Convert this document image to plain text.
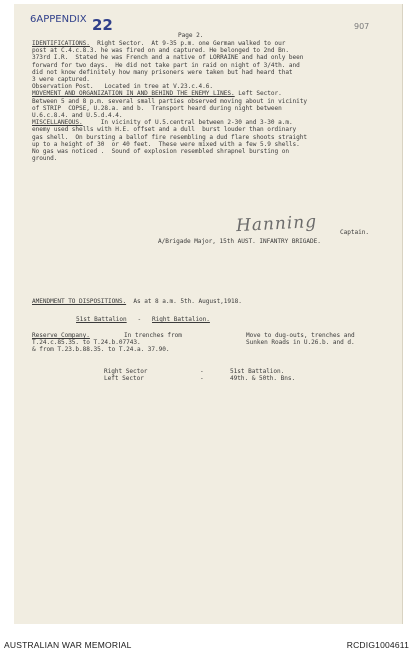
6APPENDIX 22	907
Page 2.
IDENTIFICATIONS.  Right Sector.  At 9-35 p.m. one German walked to our
post at C.4.c.8.3. he was fired on and captured. He belonged to 2nd Bn.
373rd I.R.  Stated he was French and a native of LORRAINE and had only been
forward for two days.  He did not take part in raid on night of 3/4th. and
did not know definitely how many prisoners were taken but had heard that
3 were captured.
Observation Post.   Located in tree at V.23.c.4.6.
MOVEMENT AND ORGANIZATION IN AND BEHIND THE ENEMY LINES. Left Sector.
Between 5 and 8 p.m. several small parties observed moving about in vicinity
of STRIP  COPSE, U.28.a. and b.  Transport heard during night between
U.6.c.8.4. and U.5.d.4.4.
MISCELLANEOUS.     In vicinity of U.5.central between 2-30 and 3-30 a.m.
enemy used shells with H.E. offset and a dull  burst louder than ordinary
gas shell.  On bursting a ballof fire resembling a dud flare shoots straight
up to a height of 30  or 40 feet.  These were mixed with a few 5.9 shells.
No gas was noticed .  Sound of explosion resembled shrapnel bursting on
ground.
Hanning	Captain.
A/Brigade Major, 15th AUST. INFANTRY BRIGADE.
AMENDMENT TO DISPOSITIONS.  As at 8 a.m. 5th. August,1918.
51st Battalion   -   Right Battalion.
Reserve Company.	In trenches from
T.24.c.85.35. to T.24.b.07743.
& from T.23.b.88.35. to T.24.a. 37.90.
Move to dug-outs, trenches and
Sunken Roads in U.26.b. and d.
Right Sector	-	51st Battalion.
Left Sector	-	49th. & 50th. Bns.
AUSTRALIAN WAR MEMORIAL	RCDIG1004611
